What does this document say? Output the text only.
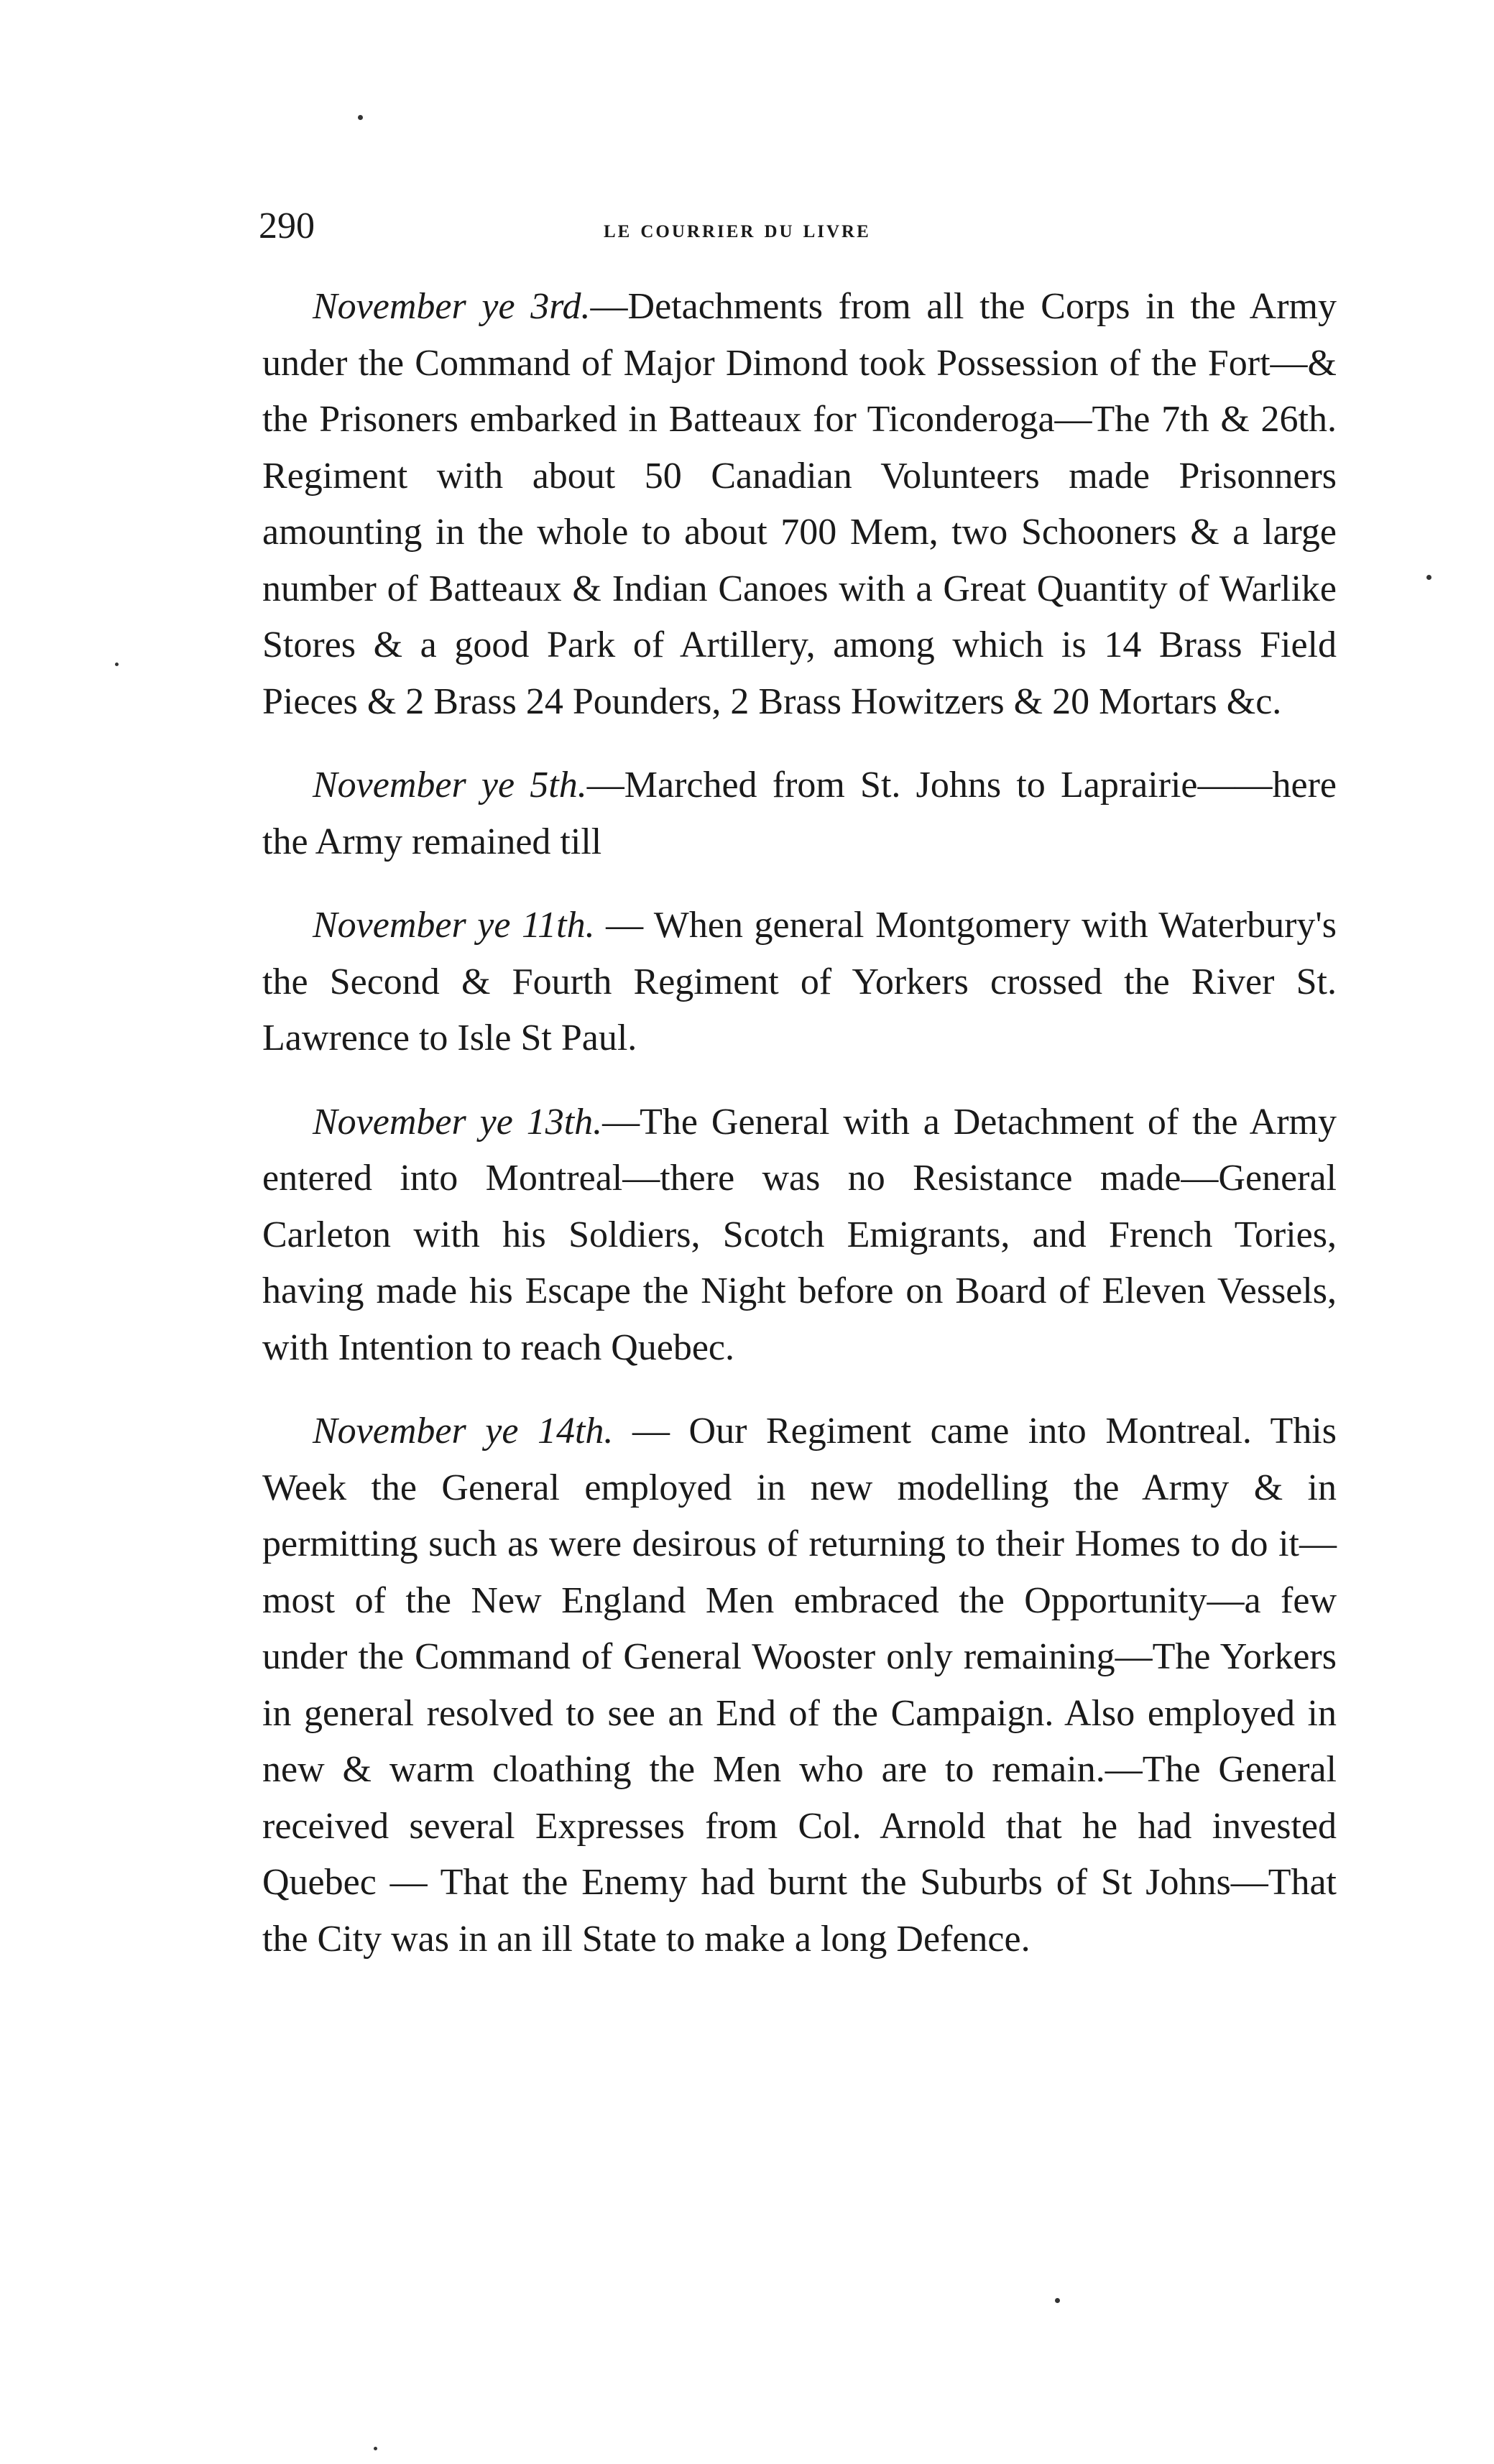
290	le courrier du livre

November ye 3rd.—Detachments from all the Corps in the Army under the Command of Major Dimond took Possession of the Fort—& the Prisoners embarked in Batteaux for Ticonderoga—The 7th & 26th. Regiment with about 50 Canadian Volunteers made Prisonners amounting in the whole to about 700 Mem, two Schooners & a large number of Batteaux & Indian Canoes with a Great Quantity of Warlike Stores & a good Park of Artillery, among which is 14 Brass Field Pieces & 2 Brass 24 Pounders, 2 Brass Howitzers & 20 Mortars &c.

November ye 5th.—Marched from St. Johns to Laprairie——here the Army remained till

November ye 11th. — When general Montgomery with Waterbury's the Second & Fourth Regiment of Yorkers crossed the River St. Lawrence to Isle St Paul.

November ye 13th.—The General with a Detachment of the Army entered into Montreal—there was no Resistance made—General Carleton with his Soldiers, Scotch Emigrants, and French Tories, having made his Escape the Night before on Board of Eleven Vessels, with Intention to reach Quebec.

November ye 14th. — Our Regiment came into Montreal. This Week the General employed in new modelling the Army & in permitting such as were desirous of returning to their Homes to do it— most of the New England Men embraced the Opportunity—a few under the Command of General Wooster only remaining—The Yorkers in general resolved to see an End of the Campaign. Also employed in new & warm cloathing the Men who are to remain.—The General received several Expresses from Col. Arnold that he had invested Quebec — That the Enemy had burnt the Suburbs of St Johns—That the City was in an ill State to make a long Defence.
